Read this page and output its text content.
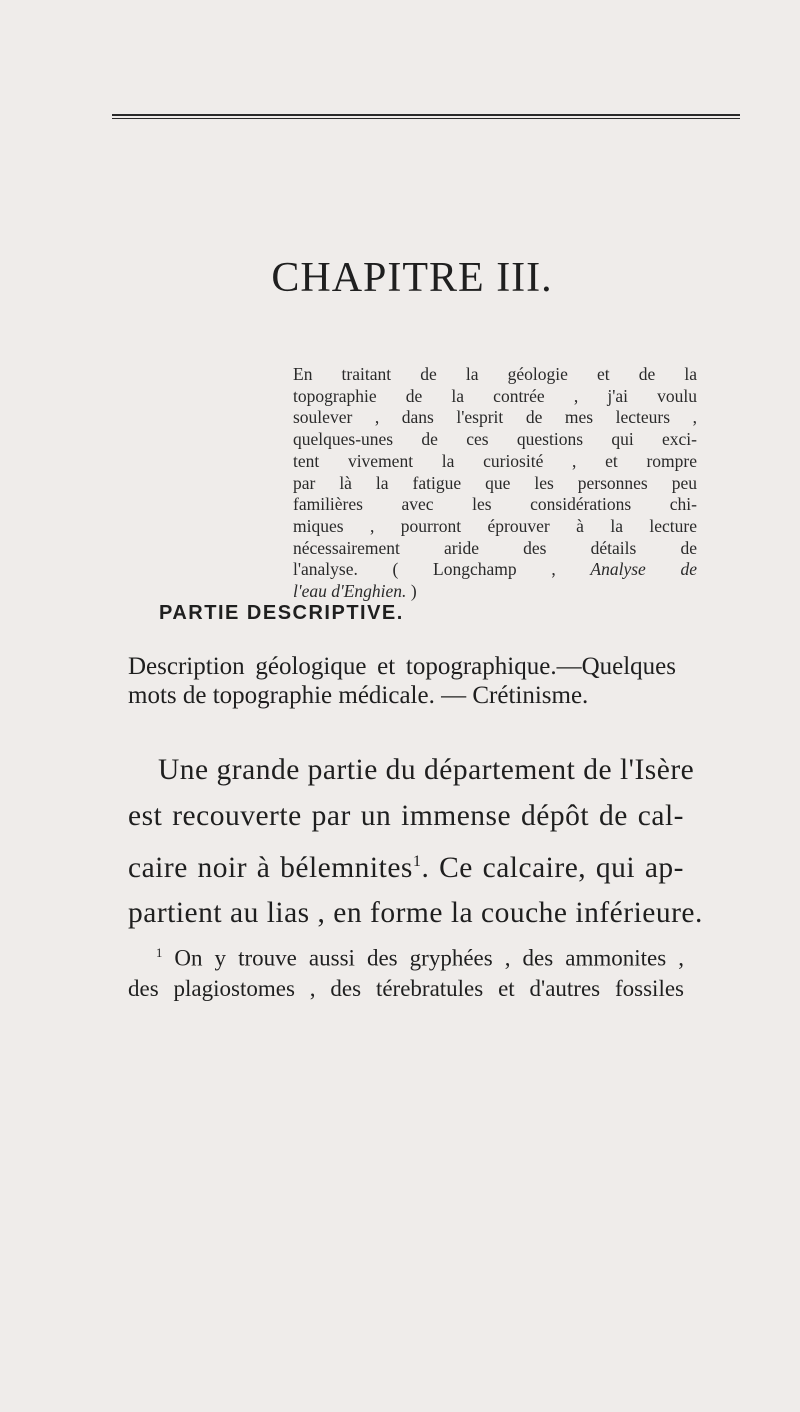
CHAPITRE III.
En traitant de la géologie et de la
topographie de la contrée , j'ai voulu
soulever , dans l'esprit de mes lecteurs ,
quelques-unes de ces questions qui exci-
tent vivement la curiosité , et rompre
par là la fatigue que les personnes peu
familières avec les considérations chi-
miques , pourront éprouver à la lecture
nécessairement aride des détails de
l'analyse. ( Longchamp , Analyse de
l'eau d'Enghien. )
PARTIE DESCRIPTIVE.
Description géologique et topographique.—Quelques
mots de topographie médicale. — Crétinisme.
Une grande partie du département de l'Isère
est recouverte par un immense dépôt de cal-
caire noir à bélemnites$^1$. Ce calcaire, qui ap-
partient au lias , en forme la couche inférieure.
$^1$ On y trouve aussi des gryphées , des ammonites ,
des plagiostomes , des térebratules et d'autres fossiles
